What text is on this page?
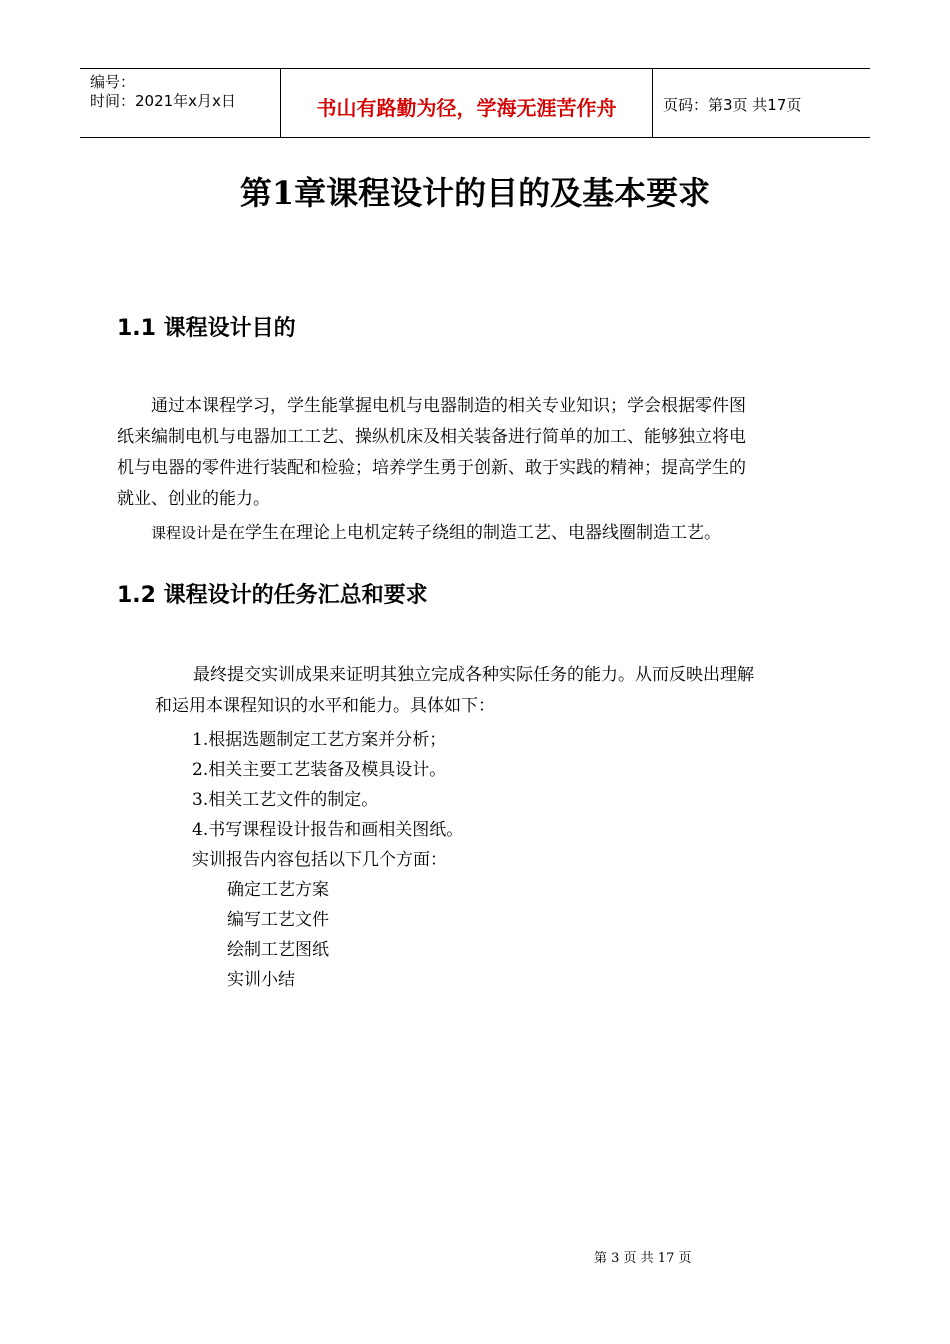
编号：
时间：2021年x月x日	书山有路勤为径，学海无涯苦作舟	页码：第3页 共17页
第1章课程设计的目的及基本要求
1.1 课程设计目的

通过本课程学习，学生能掌握电机与电器制造的相关专业知识；学会根据零件图

纸来编制电机与电器加工工艺、操纵机床及相关装备进行简单的加工、能够独立将电

机与电器的零件进行装配和检验；培养学生勇于创新、敢于实践的精神；提高学生的

就业、创业的能力。

课程设计是在学生在理论上电机定转子绕组的制造工艺、电器线圈制造工艺。
1.2 课程设计的任务汇总和要求

最终提交实训成果来证明其独立完成各种实际任务的能力。从而反映出理解

和运用本课程知识的水平和能力。具体如下：

1.根据选题制定工艺方案并分析；
2.相关主要工艺装备及模具设计。
3.相关工艺文件的制定。
4.书写课程设计报告和画相关图纸。
实训报告内容包括以下几个方面：
确定工艺方案
编写工艺文件
绘制工艺图纸
实训小结
第 3 页 共 17 页
